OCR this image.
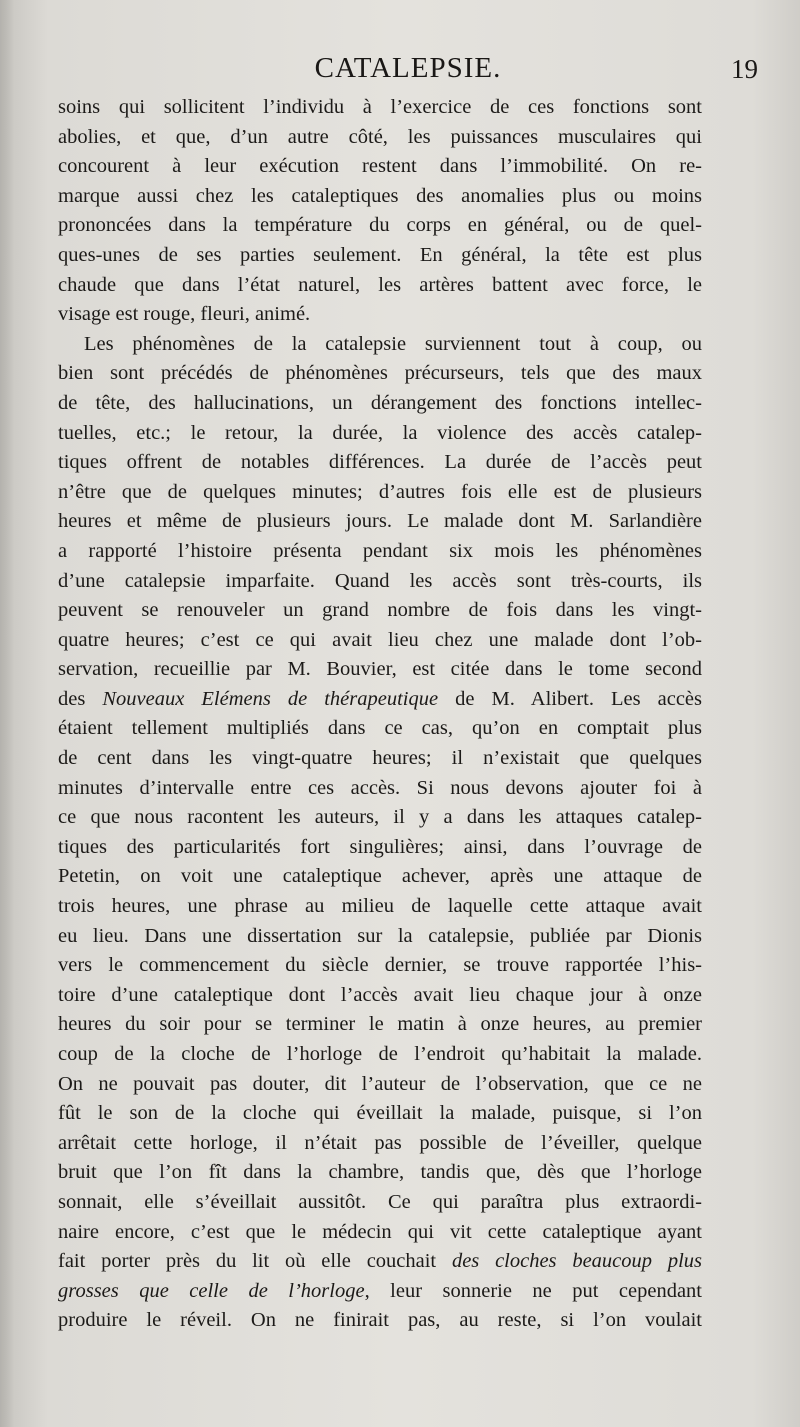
CATALEPSIE.	19
soins qui sollicitent l’individu à l’exercice de ces fonctions sont
abolies, et que, d’un autre côté, les puissances musculaires qui
concourent à leur exécution restent dans l’immobilité. On re-
marque aussi chez les cataleptiques des anomalies plus ou moins
prononcées dans la température du corps en général, ou de quel-
ques-unes de ses parties seulement. En général, la tête est plus
chaude que dans l’état naturel, les artères battent avec force, le
visage est rouge, fleuri, animé.
Les phénomènes de la catalepsie surviennent tout à coup, ou
bien sont précédés de phénomènes précurseurs, tels que des maux
de tête, des hallucinations, un dérangement des fonctions intellec-
tuelles, etc.; le retour, la durée, la violence des accès catalep-
tiques offrent de notables différences. La durée de l’accès peut
n’être que de quelques minutes; d’autres fois elle est de plusieurs
heures et même de plusieurs jours. Le malade dont M. Sarlandière
a rapporté l’histoire présenta pendant six mois les phénomènes
d’une catalepsie imparfaite. Quand les accès sont très-courts, ils
peuvent se renouveler un grand nombre de fois dans les vingt-
quatre heures; c’est ce qui avait lieu chez une malade dont l’ob-
servation, recueillie par M. Bouvier, est citée dans le tome second
des Nouveaux Elémens de thérapeutique de M. Alibert. Les accès
étaient tellement multipliés dans ce cas, qu’on en comptait plus
de cent dans les vingt-quatre heures; il n’existait que quelques
minutes d’intervalle entre ces accès. Si nous devons ajouter foi à
ce que nous racontent les auteurs, il y a dans les attaques catalep-
tiques des particularités fort singulières; ainsi, dans l’ouvrage de
Petetin, on voit une cataleptique achever, après une attaque de
trois heures, une phrase au milieu de laquelle cette attaque avait
eu lieu. Dans une dissertation sur la catalepsie, publiée par Dionis
vers le commencement du siècle dernier, se trouve rapportée l’his-
toire d’une cataleptique dont l’accès avait lieu chaque jour à onze
heures du soir pour se terminer le matin à onze heures, au premier
coup de la cloche de l’horloge de l’endroit qu’habitait la malade.
On ne pouvait pas douter, dit l’auteur de l’observation, que ce ne
fût le son de la cloche qui éveillait la malade, puisque, si l’on
arrêtait cette horloge, il n’était pas possible de l’éveiller, quelque
bruit que l’on fît dans la chambre, tandis que, dès que l’horloge
sonnait, elle s’éveillait aussitôt. Ce qui paraîtra plus extraordi-
naire encore, c’est que le médecin qui vit cette cataleptique ayant
fait porter près du lit où elle couchait des cloches beaucoup plus
grosses que celle de l’horloge, leur sonnerie ne put cependant
produire le réveil. On ne finirait pas, au reste, si l’on voulait
